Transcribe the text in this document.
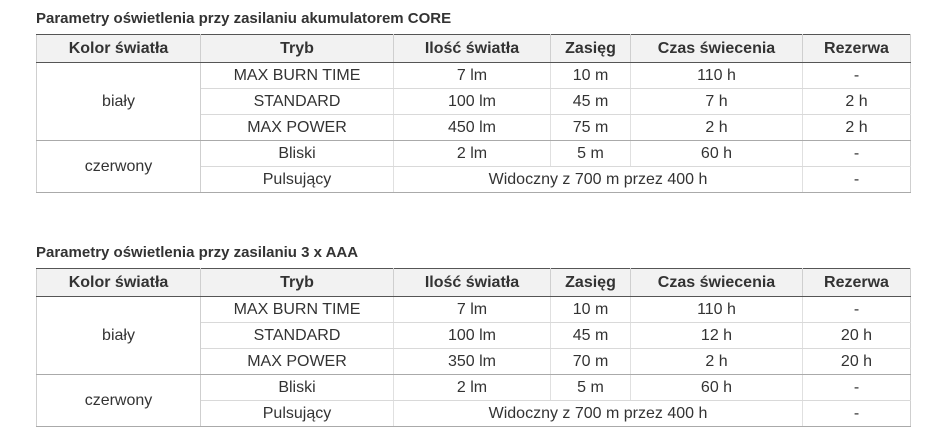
Parametry oświetlenia przy zasilaniu akumulatorem CORE
Kolor światła	Tryb	Ilość światła	Zasięg	Czas świecenia	Rezerwa
biały	MAX BURN TIME	7 lm	10 m	110 h	-
	STANDARD	100 lm	45 m	7 h	2 h
	MAX POWER	450 lm	75 m	2 h	2 h
czerwony	Bliski	2 lm	5 m	60 h	-
	Pulsujący	Widoczny z 700 m przez 400 h			-
Parametry oświetlenia przy zasilaniu 3 x AAA
Kolor światła	Tryb	Ilość światła	Zasięg	Czas świecenia	Rezerwa
biały	MAX BURN TIME	7 lm	10 m	110 h	-
	STANDARD	100 lm	45 m	12 h	20 h
	MAX POWER	350 lm	70 m	2 h	20 h
czerwony	Bliski	2 lm	5 m	60 h	-
	Pulsujący	Widoczny z 700 m przez 400 h			-
